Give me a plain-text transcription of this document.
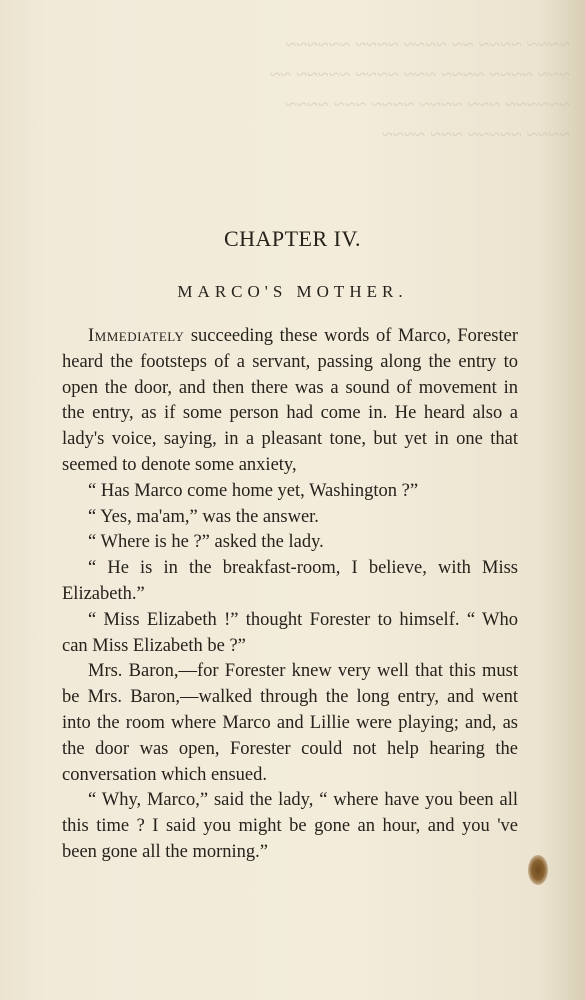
~~~~ ~~~~ ~~ ~~~~ ~~~~ ~~~~~~
~~~ ~~~~ ~~~~ ~~~ ~~~~ ~~~~~ ~~
~~~~~~ ~~~ ~~~~ ~~~~ ~~~ ~~~~
~~~~ ~~~~~ ~~~ ~~~~
CHAPTER IV.
MARCO'S MOTHER.

Immediately succeeding these words of Marco, Forester heard the footsteps of a servant, passing along the entry to open the door, and then there was a sound of movement in the entry, as if some person had come in. He heard also a lady's voice, saying, in a pleasant tone, but yet in one that seemed to denote some anxiety,

“ Has Marco come home yet, Washington ?”

“ Yes, ma'am,” was the answer.

“ Where is he ?” asked the lady.

“ He is in the breakfast-room, I believe, with Miss Elizabeth.”

“ Miss Elizabeth !” thought Forester to himself. “ Who can Miss Elizabeth be ?”

Mrs. Baron,—for Forester knew very well that this must be Mrs. Baron,—walked through the long entry, and went into the room where Marco and Lillie were playing; and, as the door was open, Forester could not help hearing the conversation which ensued.

“ Why, Marco,” said the lady, “ where have you been all this time ? I said you might be gone an hour, and you 've been gone all the morning.”
